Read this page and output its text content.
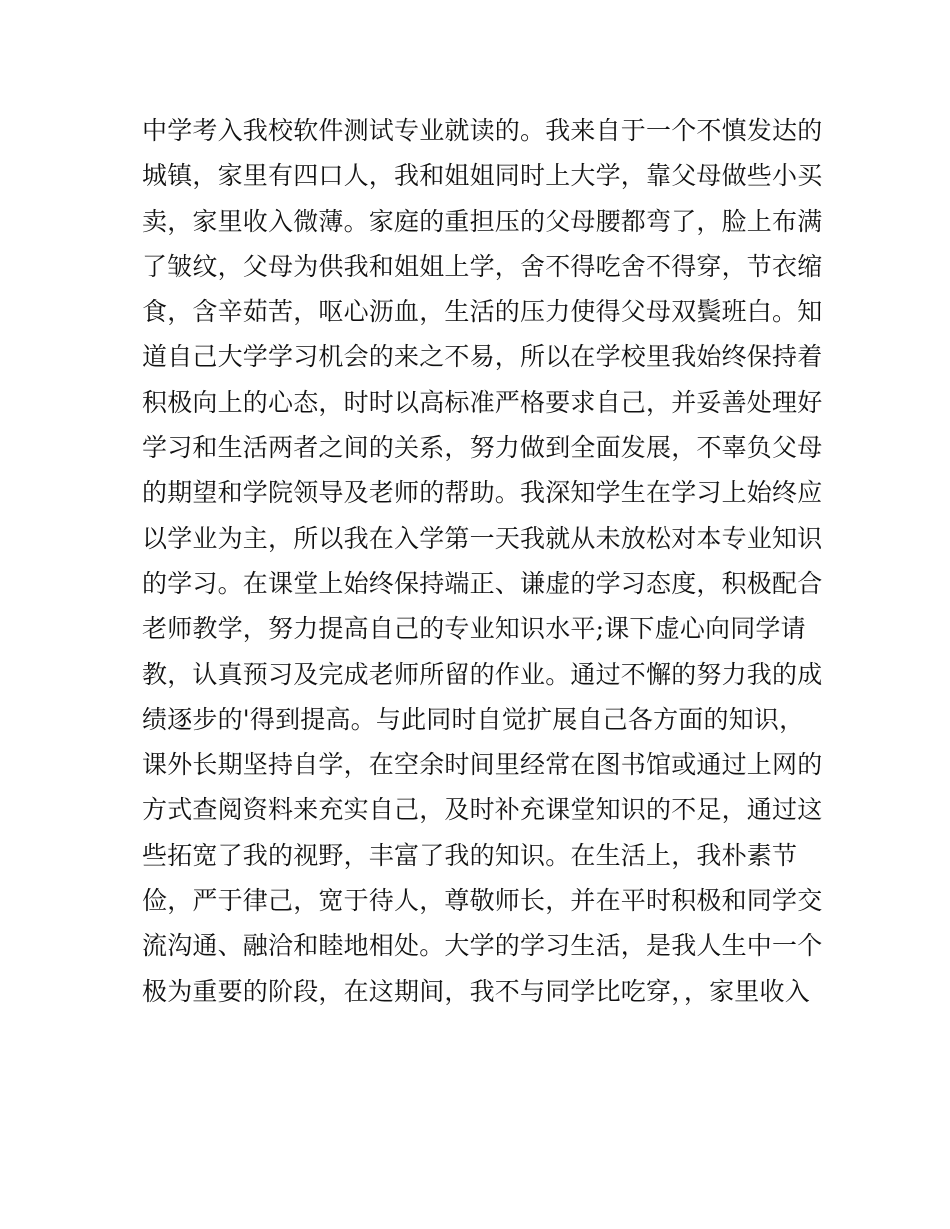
中学考入我校软件测试专业就读的。我来自于一个不慎发达的
城镇，家里有四口人，我和姐姐同时上大学，靠父母做些小买
卖，家里收入微薄。家庭的重担压的父母腰都弯了，脸上布满
了皱纹，父母为供我和姐姐上学，舍不得吃舍不得穿，节衣缩
食，含辛茹苦，呕心沥血，生活的压力使得父母双鬓班白。知
道自己大学学习机会的来之不易，所以在学校里我始终保持着
积极向上的心态，时时以高标准严格要求自己，并妥善处理好
学习和生活两者之间的关系，努力做到全面发展，不辜负父母
的期望和学院领导及老师的帮助。我深知学生在学习上始终应
以学业为主，所以我在入学第一天我就从未放松对本专业知识
的学习。在课堂上始终保持端正、谦虚的学习态度，积极配合
老师教学，努力提高自己的专业知识水平;课下虚心向同学请
教，认真预习及完成老师所留的作业。通过不懈的努力我的成
绩逐步的'得到提高。与此同时自觉扩展自己各方面的知识，
课外长期坚持自学，在空余时间里经常在图书馆或通过上网的
方式查阅资料来充实自己，及时补充课堂知识的不足，通过这
些拓宽了我的视野，丰富了我的知识。在生活上，我朴素节
俭，严于律己，宽于待人，尊敬师长，并在平时积极和同学交
流沟通、融洽和睦地相处。大学的学习生活，是我人生中一个
极为重要的阶段，在这期间，我不与同学比吃穿，，家里收入
